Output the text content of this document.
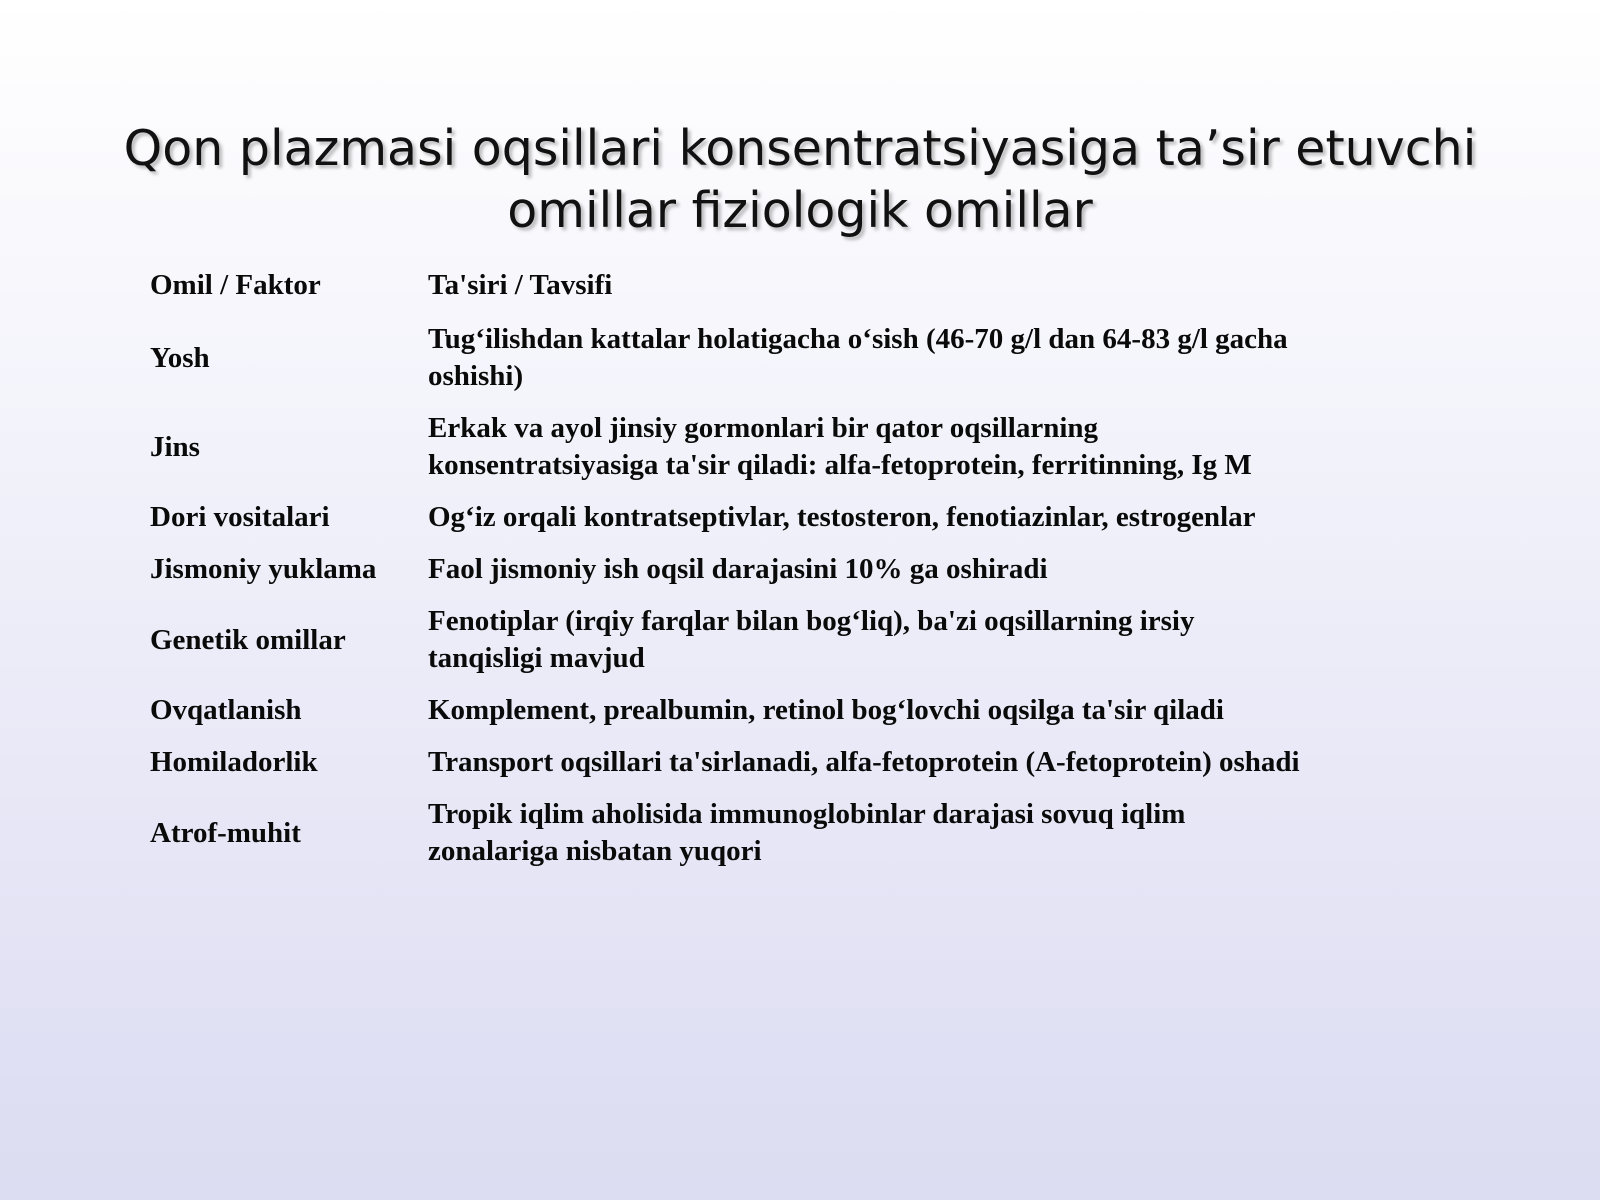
Qon plazmasi oqsillari konsentratsiyasiga ta’sir etuvchi omillar fiziologik omillar
Omil / Faktor	Ta'siri / Tavsifi
Yosh	Tug‘ilishdan kattalar holatigacha o‘sish (46-70 g/l dan 64-83 g/l gacha oshishi)
Jins	Erkak va ayol jinsiy gormonlari bir qator oqsillarning konsentratsiyasiga ta'sir qiladi: alfa-fetoprotein, ferritinning, Ig M
Dori vositalari	Og‘iz orqali kontratseptivlar, testosteron, fenotiazinlar, estrogenlar
Jismoniy yuklama	Faol jismoniy ish oqsil darajasini 10% ga oshiradi
Genetik omillar	Fenotiplar (irqiy farqlar bilan bog‘liq), ba'zi oqsillarning irsiy tanqisligi mavjud
Ovqatlanish	Komplement, prealbumin, retinol bog‘lovchi oqsilga ta'sir qiladi
Homiladorlik	Transport oqsillari ta'sirlanadi, alfa-fetoprotein (A-fetoprotein) oshadi
Atrof-muhit	Tropik iqlim aholisida immunoglobinlar darajasi sovuq iqlim zonalariga nisbatan yuqori
